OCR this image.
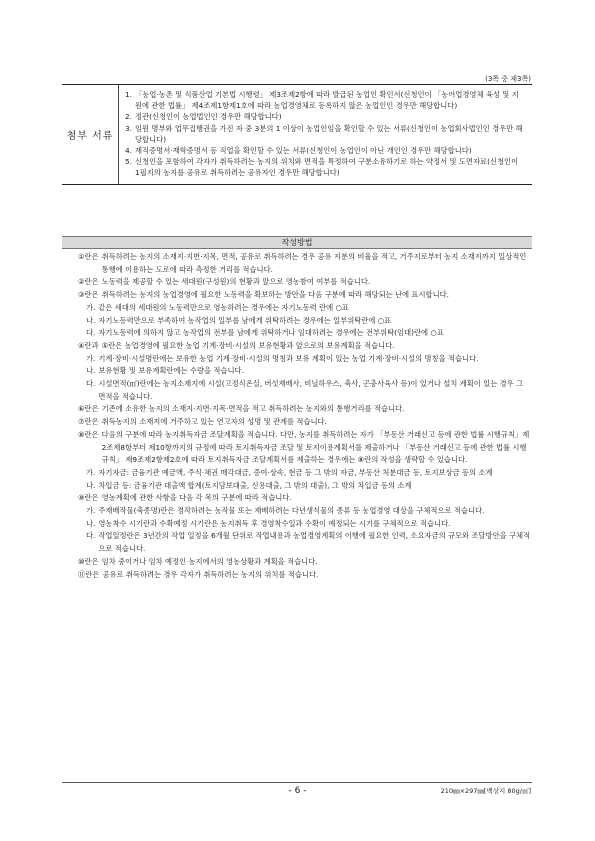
(3쪽 중 제3쪽)
첨부 서류
1. 「농업·농촌 및 식품산업 기본법 시행령」 제3조제2항에 따라 발급된 농업인 확인서(신청인이 「농어업경영체 육성 및 지원에 관한 법률」 제4조제1항제1호에 따라 농업경영체로 등록하지 않은 농업인인 경우만 해당합니다)
2. 정관(신청인이 농업법인인 경우만 해당합니다)
3. 임원 명부와 업무집행권을 가진 자 중 3분의 1 이상이 농업인임을 확인할 수 있는 서류(신청인이 농업회사법인인 경우만 해당합니다)
4. 재직증명서·재학증명서 등 직업을 확인할 수 있는 서류(신청인이 농업인이 아닌 개인인 경우만 해당합니다)
5. 신청인을 포함하여 각자가 취득하려는 농지의 위치와 면적을 특정하여 구분소유하기로 하는 약정서 및 도면자료(신청인이 1필지의 농지를 공유로 취득하려는 공유자인 경우만 해당합니다)
작성방법
①란은 취득하려는 농지의 소재지·지번·지목, 면적, 공유로 취득하려는 경우 공유 지분의 비율을 적고, 거주지로부터 농지 소재지까지 일상적인 통행에 이용하는 도로에 따라 측정한 거리를 적습니다.
②란은 노동력을 제공할 수 있는 세대원(구성원)의 현황과 앞으로 영농참여 여부를 적습니다.
③란은 취득하려는 농지의 농업경영에 필요한 노동력을 확보하는 방안을 다음 구분에 따라 해당되는 난에 표시합니다.
가. 같은 세대의 세대원의 노동력만으로 영농하려는 경우에는 자기노동력 란에 ○표
나. 자기노동력만으로 부족하여 농작업의 일부를 남에게 위탁하려는 경우에는 일부위탁란에 ○표
다. 자기노동력에 의하지 않고 농작업의 전부를 남에게 위탁하거나 임대하려는 경우에는 전부위탁(임대)란에 ○표
④란과 ⑤란은 농업경영에 필요한 농업 기계·장비·시설의 보유현황과 앞으로의 보유계획을 적습니다.
가. 기계·장비·시설명란에는 보유한 농업 기계·장비·시설의 명칭과 보유 계획이 있는 농업 기계·장비·시설의 명칭을 적습니다.
나. 보유현황 및 보유계획란에는 수량을 적습니다.
다. 시설면적(㎡)란에는 농지소재지에 시설(고정식온실, 버섯재배사, 비닐하우스, 축사, 곤충사육사 등)이 있거나 설치 계획이 있는 경우 그 면적을 적습니다.
⑥란은 기존에 소유한 농지의 소재지·지번·지목·면적을 적고 취득하려는 농지와의 통행거리를 적습니다.
⑦란은 취득농지의 소재지에 거주하고 있는 연고자의 성명 및 관계를 적습니다.
⑧란은 다음의 구분에 따라 농지취득자금 조달계획을 적습니다. 다만, 농지를 취득하려는 자가 「부동산 거래신고 등에 관한 법률 시행규칙」제2조제8항부터 제10항까지의 규정에 따라 토지취득자금 조달 및 토지이용계획서를 제출하거나 「부동산 거래신고 등에 관한 법률 시행규칙」 제9조제2항제2호에 따라 토지취득자금 조달계획서를 제출하는 경우에는 ⑧란의 작성을 생략할 수 있습니다.
가. 자기자금: 금융기관 예금액, 주식·채권 매각대금, 증여·상속, 현금 등 그 밖의 자금, 부동산 처분대금 등, 토지보상금 등의 소계
나. 차입금 등: 금융기관 대출액 합계(토지담보대출, 신용대출, 그 밖의 대출), 그 밖의 차입금 등의 소계
⑨란은 영농계획에 관한 사항을 다음 각 목의 구분에 따라 적습니다.
가. 주재배작물(축종명)란은 경작하려는 농작물 또는 재배하려는 다년생식물의 종류 등 농업경영 대상을 구체적으로 적습니다.
나. 영농착수 시기란과 수확예정 시기란은 농지취득 후 경영착수일과 수확이 예정되는 시기를 구체적으로 적습니다.
다. 작업일정란은 3년간의 작업 일정을 6개월 단위로 작업내용과 농업경영계획의 이행에 필요한 인력, 소요자금의 규모와 조달방안을 구체적으로 적습니다.
⑩란은 임차 중이거나 임차 예정인 농지에서의 영농상황과 계획을 적습니다.
⑪란은 공유로 취득하려는 경우 각자가 취득하려는 농지의 위치를 적습니다.
- 6 -	210㎜×297㎜[백상지 80g/㎡]
